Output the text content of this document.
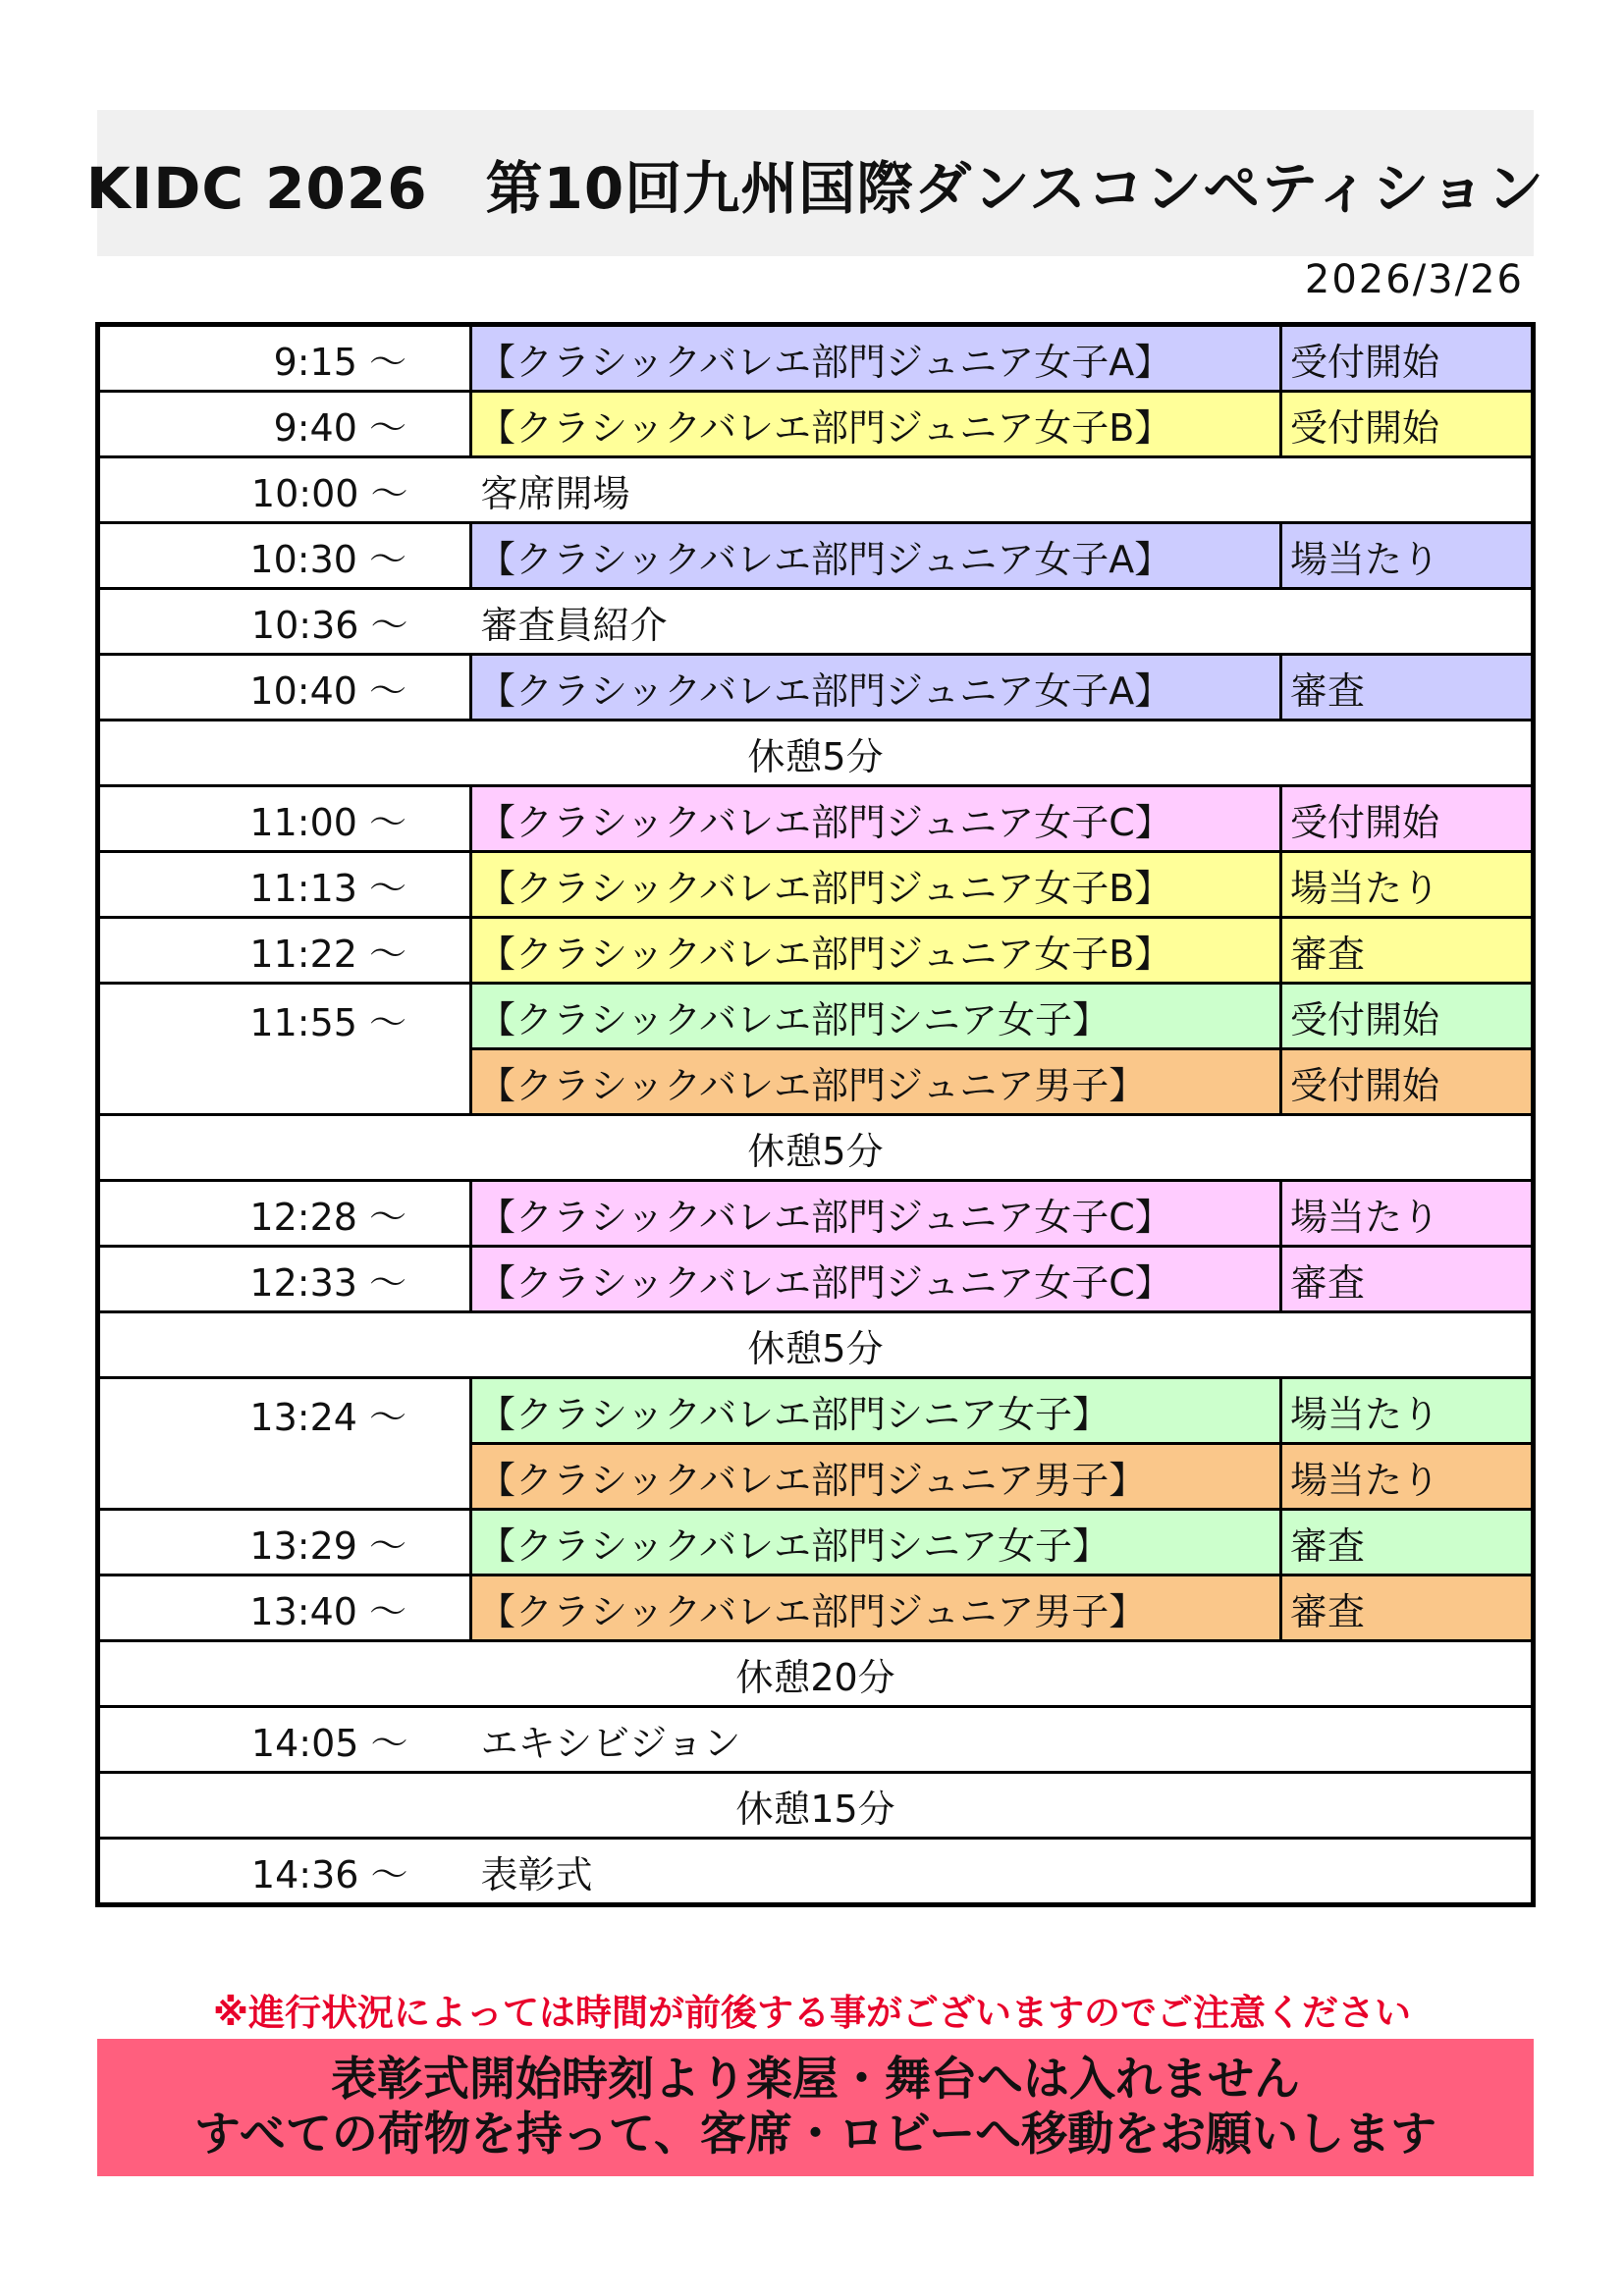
KIDC 2026　第10回九州国際ダンスコンペティション
2026/3/26
9:15 ～	【クラシックバレエ部門ジュニア女子A】	受付開始
9:40 ～	【クラシックバレエ部門ジュニア女子B】	受付開始
10:00 ～	客席開場	
10:30 ～	【クラシックバレエ部門ジュニア女子A】	場当たり
10:36 ～	審査員紹介	
10:40 ～	【クラシックバレエ部門ジュニア女子A】	審査
休憩5分		
11:00 ～	【クラシックバレエ部門ジュニア女子C】	受付開始
11:13 ～	【クラシックバレエ部門ジュニア女子B】	場当たり
11:22 ～	【クラシックバレエ部門ジュニア女子B】	審査
11:55 ～	【クラシックバレエ部門シニア女子】	受付開始
	【クラシックバレエ部門ジュニア男子】	受付開始
休憩5分		
12:28 ～	【クラシックバレエ部門ジュニア女子C】	場当たり
12:33 ～	【クラシックバレエ部門ジュニア女子C】	審査
休憩5分		
13:24 ～	【クラシックバレエ部門シニア女子】	場当たり
	【クラシックバレエ部門ジュニア男子】	場当たり
13:29 ～	【クラシックバレエ部門シニア女子】	審査
13:40 ～	【クラシックバレエ部門ジュニア男子】	審査
休憩20分		
14:05 ～	エキシビジョン	
休憩15分		
14:36 ～	表彰式	
※進行状況によっては時間が前後する事がございますのでご注意ください
表彰式開始時刻より楽屋・舞台へは入れません
すべての荷物を持って、客席・ロビーへ移動をお願いします
